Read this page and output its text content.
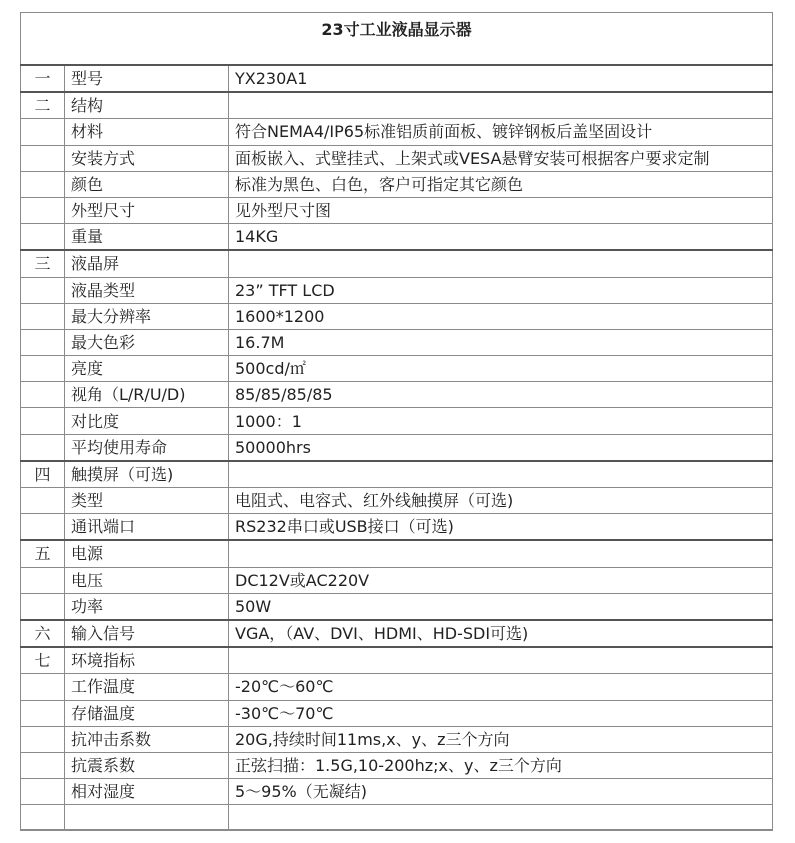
23寸工业液晶显示器		

一	型号	YX230A1
二	结构	
	材料	符合NEMA4/IP65标准铝质前面板、镀锌钢板后盖坚固设计
	安装方式	面板嵌入、式壁挂式、上架式或VESA悬臂安装可根据客户要求定制
	颜色	标准为黑色、白色，客户可指定其它颜色
	外型尺寸	见外型尺寸图
	重量	14KG
三	液晶屏	
	液晶类型	23” TFT LCD
	最大分辨率	1600*1200
	最大色彩	16.7M
	亮度	500cd/㎡
	视角（L/R/U/D)	85/85/85/85
	对比度	1000：1
	平均使用寿命	50000hrs
四	触摸屏（可选)	
	类型	电阻式、电容式、红外线触摸屏（可选)
	通讯端口	RS232串口或USB接口（可选)
五	电源	
	电压	DC12V或AC220V
	功率	50W
六	输入信号	VGA，（AV、DVI、HDMI、HD-SDI可选)
七	环境指标	
	工作温度	-20℃～60℃
	存储温度	-30℃～70℃
	抗冲击系数	20G,持续时间11ms,x、y、z三个方向
	抗震系数	正弦扫描：1.5G,10-200hz;x、y、z三个方向
	相对湿度	5～95%（无凝结)
